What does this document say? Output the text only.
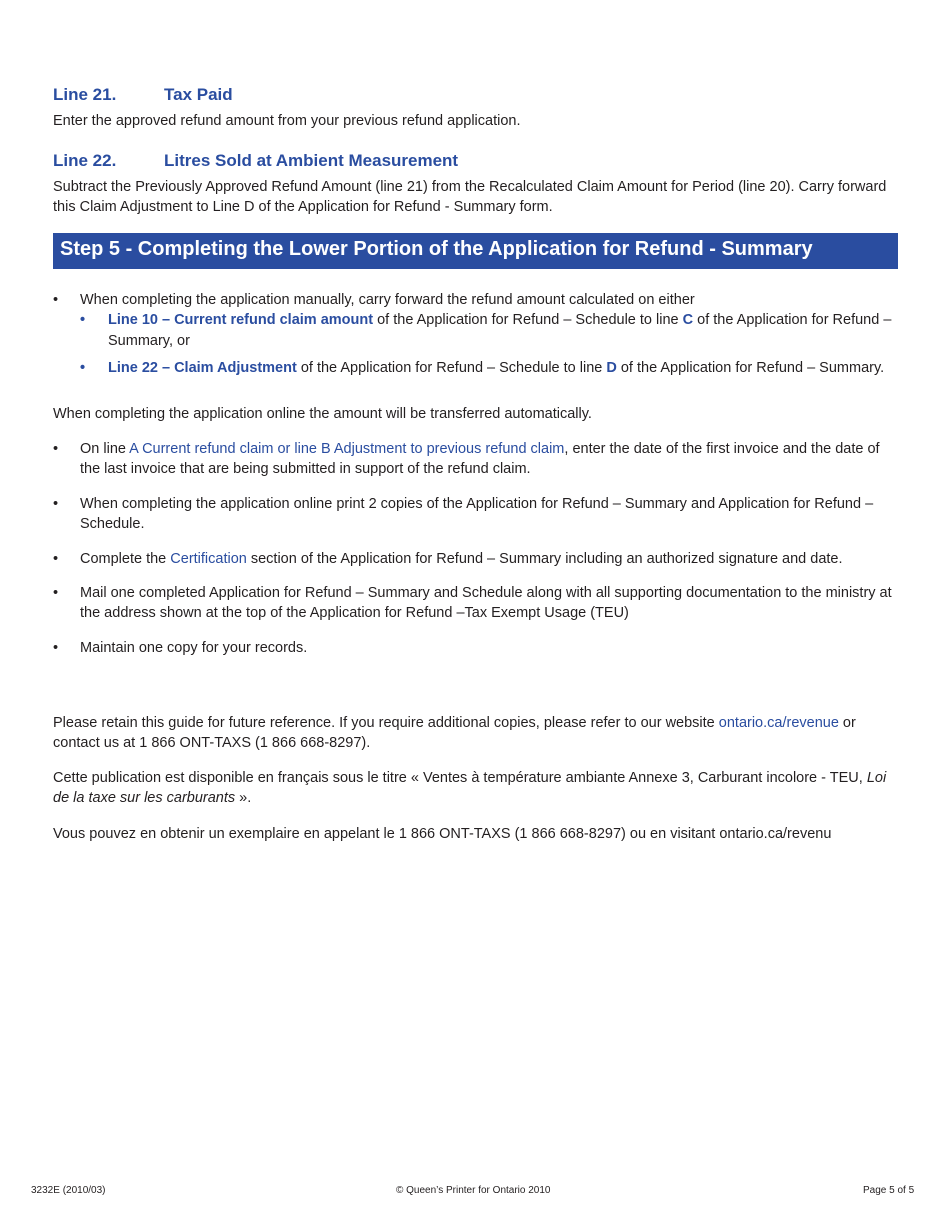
Line 21.	Tax Paid
Enter the approved refund amount from your previous refund application.
Line 22.	Litres Sold at Ambient Measurement
Subtract the Previously Approved Refund Amount (line 21) from the Recalculated Claim Amount for Period (line 20). Carry forward this Claim Adjustment to Line D of the Application for Refund - Summary form.
Step 5 - Completing the Lower Portion of the Application for Refund - Summary
• When completing the application manually, carry forward the refund amount calculated on either
• Line 10 – Current refund claim amount of the Application for Refund – Schedule to line C of the Application for Refund – Summary, or
• Line 22 – Claim Adjustment of the Application for Refund – Schedule to line D of the Application for Refund – Summary.
When completing the application online the amount will be transferred automatically.
• On line A Current refund claim or line B Adjustment to previous refund claim, enter the date of the first invoice and the date of the last invoice that are being submitted in support of the refund claim.
• When completing the application online print 2 copies of the Application for Refund – Summary and Application for Refund – Schedule.
• Complete the Certification section of the Application for Refund – Summary including an authorized signature and date.
• Mail one completed Application for Refund – Summary and Schedule along with all supporting documentation to the ministry at the address shown at the top of the Application for Refund –Tax Exempt Usage (TEU)
• Maintain one copy for your records.
Please retain this guide for future reference. If you require additional copies, please refer to our website ontario.ca/revenue or contact us at 1 866 ONT-TAXS (1 866 668-8297).
Cette publication est disponible en français sous le titre « Ventes à température ambiante Annexe 3, Carburant incolore - TEU, Loi de la taxe sur les carburants ».
Vous pouvez en obtenir un exemplaire en appelant le 1 866 ONT-TAXS (1 866 668-8297) ou en visitant ontario.ca/revenu
3232E (2010/03)	© Queen’s Printer for Ontario 2010	Page 5 of 5
